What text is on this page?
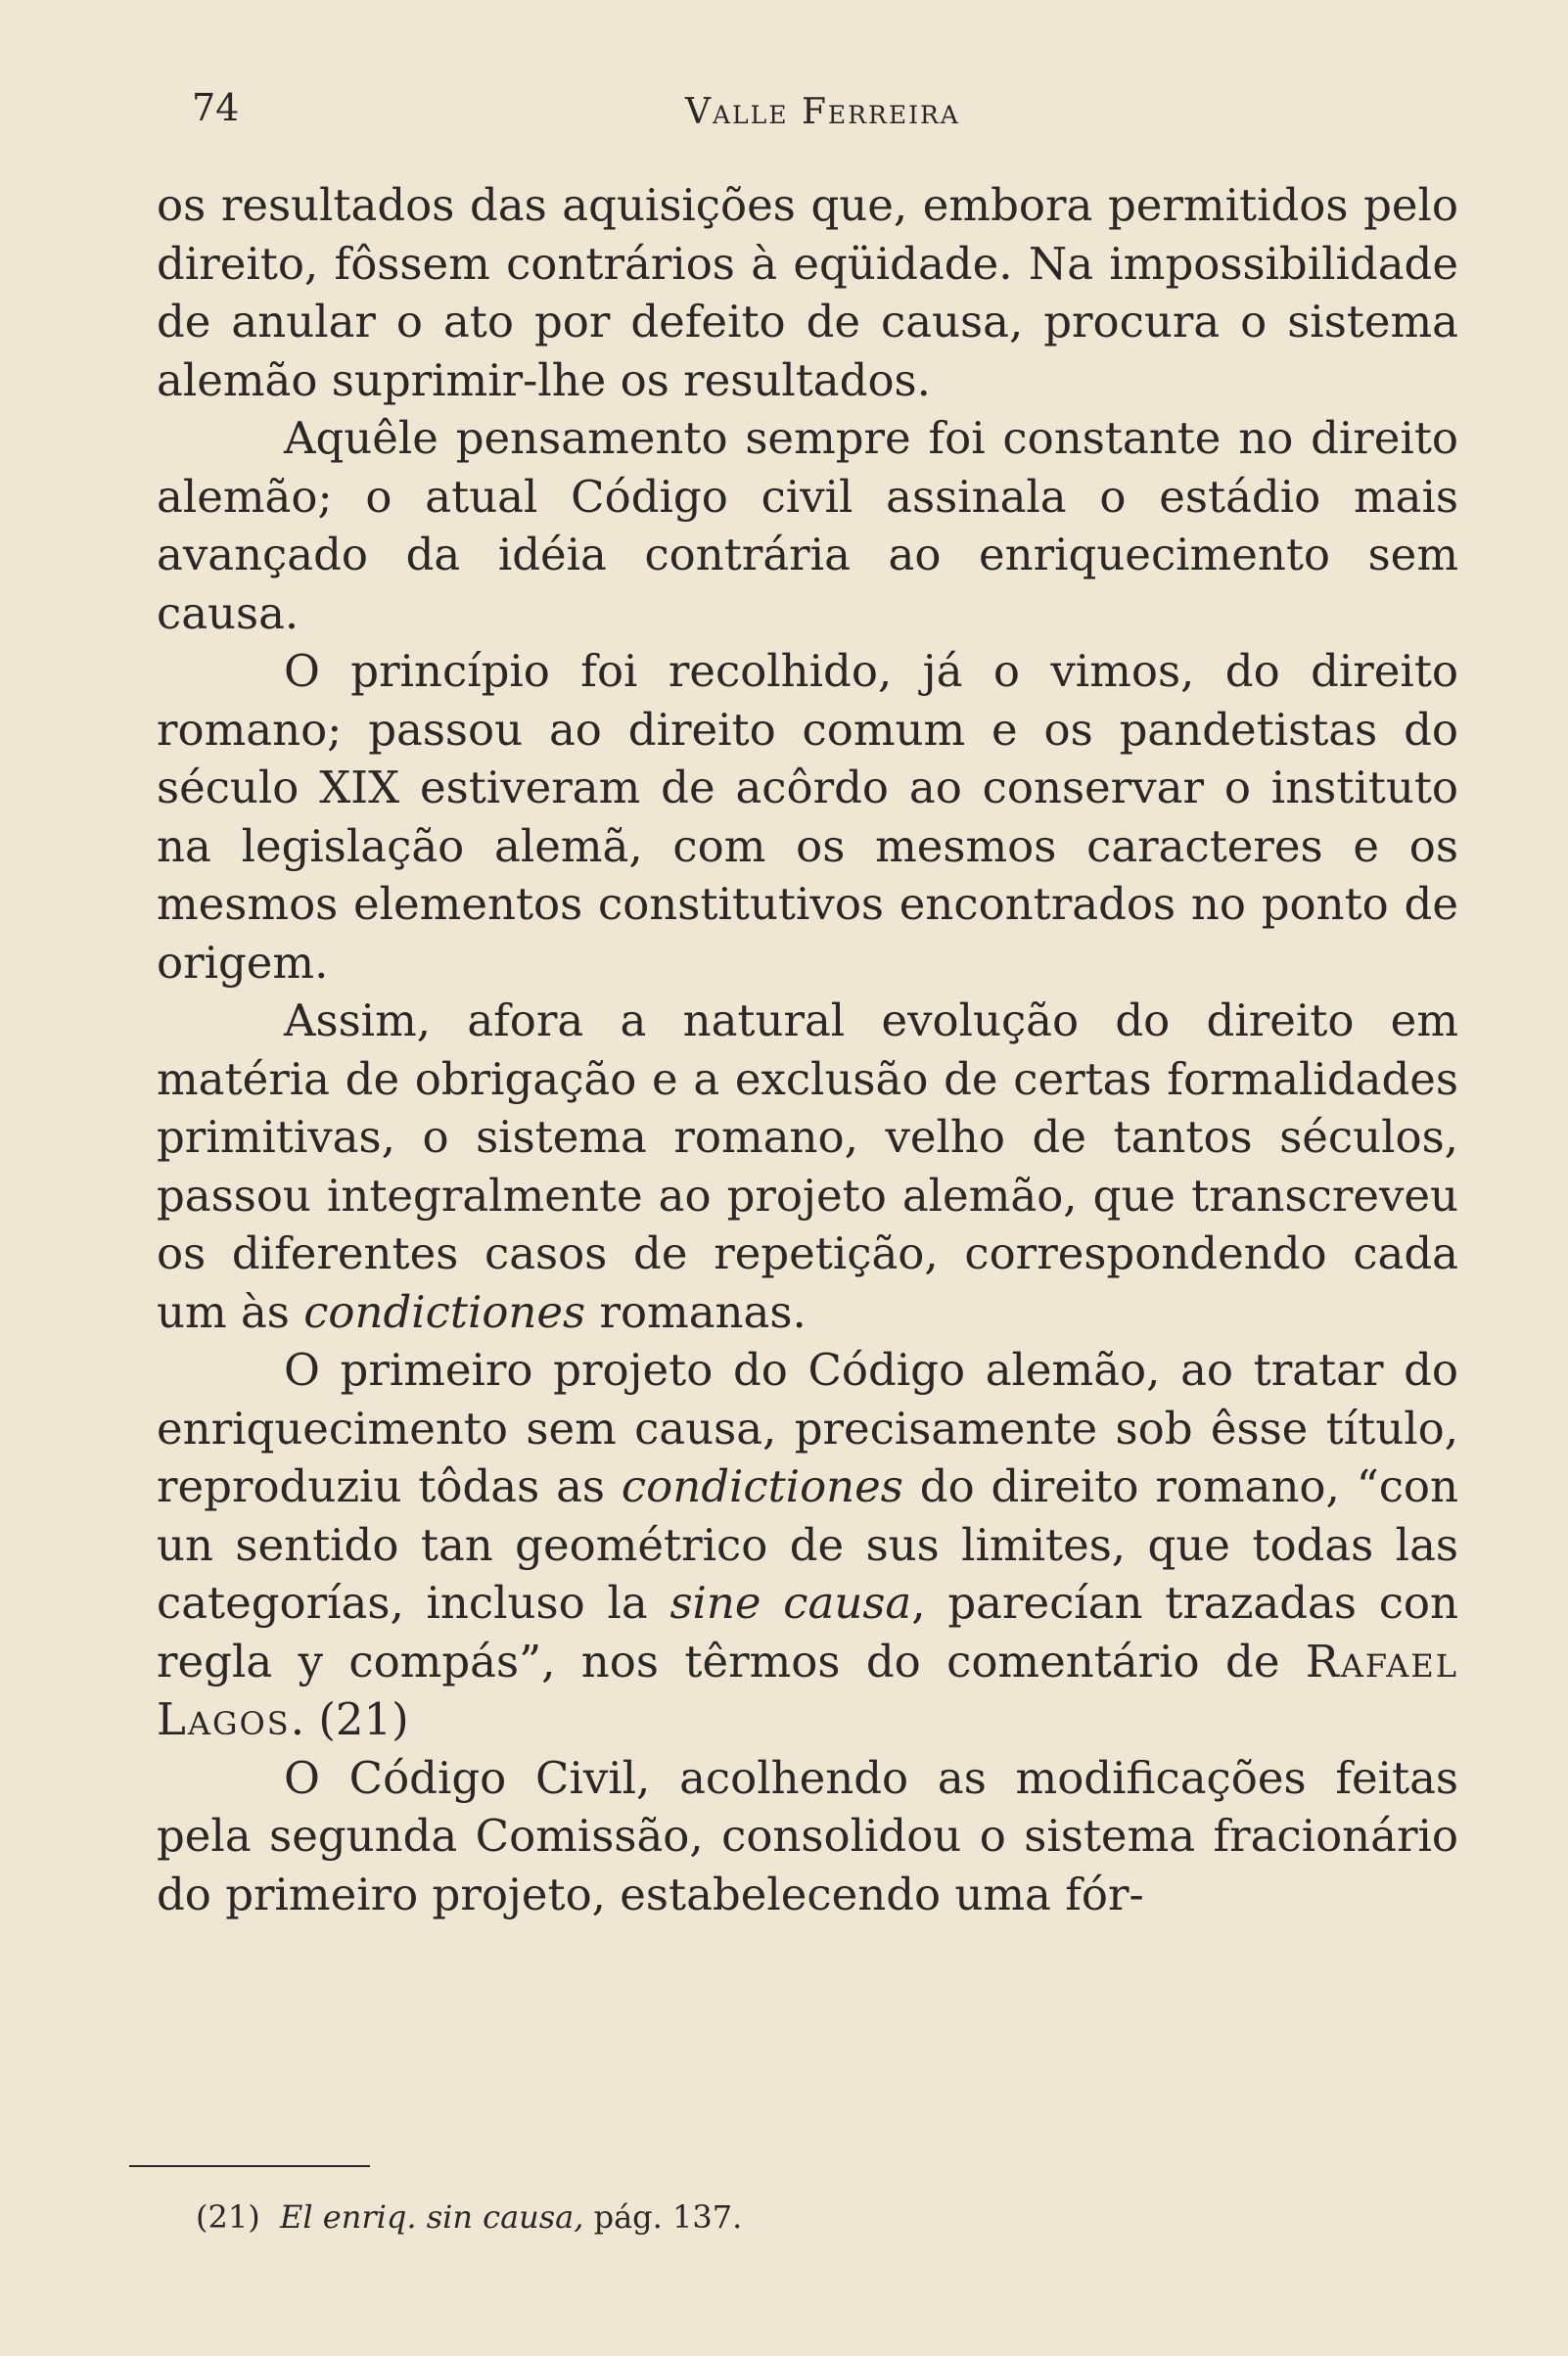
74	Valle Ferreira

os resultados das aquisições que, embora permitidos pelo direito, fôssem contrários à eqüidade. Na impossibilidade de anular o ato por defeito de causa, procura o sistema alemão suprimir-lhe os resultados.

Aquêle pensamento sempre foi constante no direito alemão; o atual Código civil assinala o estádio mais avançado da idéia contrária ao enriquecimento sem causa.

O princípio foi recolhido, já o vimos, do direito romano; passou ao direito comum e os pandetistas do século XIX estiveram de acôrdo ao conservar o instituto na legislação alemã, com os mesmos caracteres e os mesmos elementos constitutivos encontrados no ponto de origem.

Assim, afora a natural evolução do direito em matéria de obrigação e a exclusão de certas formalidades primitivas, o sistema romano, velho de tantos séculos, passou integralmente ao projeto alemão, que transcreveu os diferentes casos de repetição, correspondendo cada um às condictiones romanas.

O primeiro projeto do Código alemão, ao tratar do enriquecimento sem causa, precisamente sob êsse título, reproduziu tôdas as condictiones do direito romano, “con un sentido tan geométrico de sus limites, que todas las categorías, incluso la sine causa, parecían trazadas con regla y compás”, nos têrmos do comentário de Rafael Lagos. (21)

O Código Civil, acolhendo as modificações feitas pela segunda Comissão, consolidou o sistema fracionário do primeiro projeto, estabelecendo uma fór-

(21) El enriq. sin causa, pág. 137.
